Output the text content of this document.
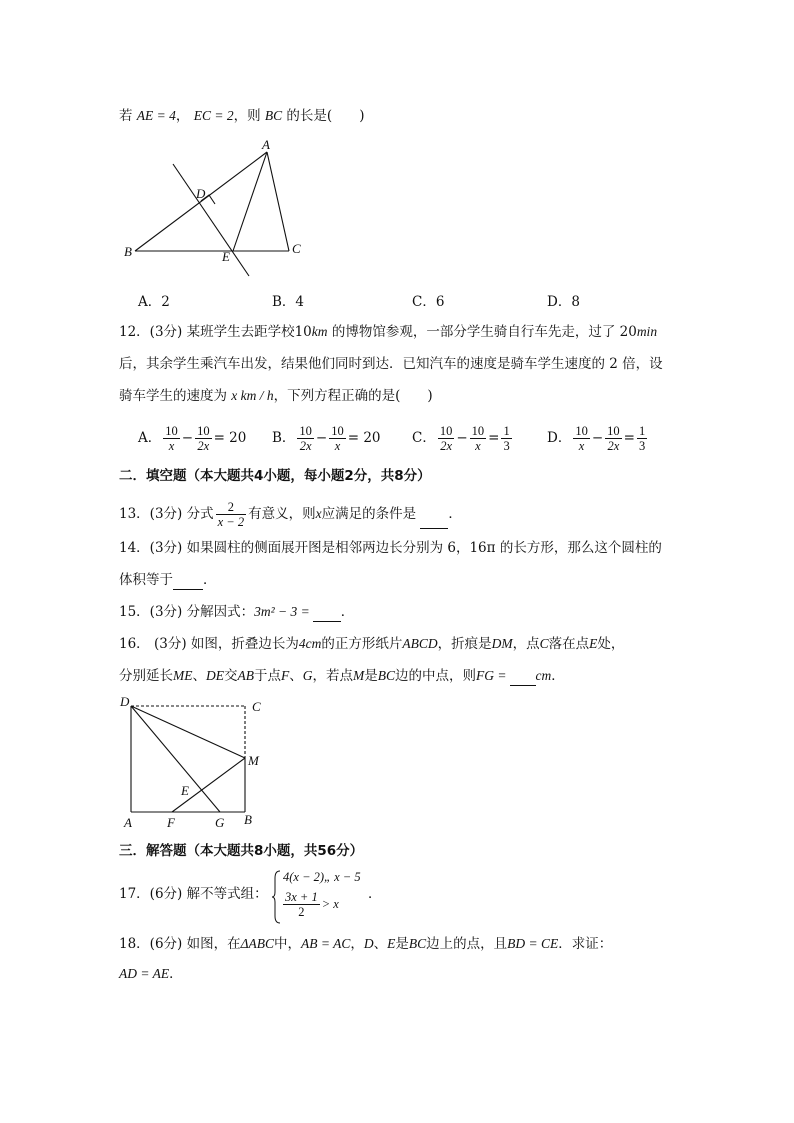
若 AE = 4， EC = 2，则 BC 的长是(　　)
A
D
B	E
C
A．2	B．4	C．6	D．8
12．(3分) 某班学生去距学校10km 的博物馆参观，一部分学生骑自行车先走，过了 20min
后，其余学生乘汽车出发，结果他们同时到达．已知汽车的速度是骑车学生速度的 2 倍，设
骑车学生的速度为 x km / h，下列方程正确的是(　　)
A． $\frac{10}{x} - \frac{10}{2x} = 20$ B． $\frac{10}{2x} - \frac{10}{x} = 20$ C． $\frac{10}{2x} - \frac{10}{x} = \frac{1}{3}$	D． $\frac{10}{x} - \frac{10}{2x} = \frac{1}{3}$
二．填空题（本大题共4小题，每小题2分，共8分）
13．(3分) 分式 $\frac{2}{x - 2}$ 有意义，则x应满足的条件是 ．
14．(3分) 如果圆柱的侧面展开图是相邻两边长分别为 6，16π 的长方形，那么这个圆柱的
体积等于 ．
15．(3分) 分解因式：3m² − 3 = ．
16． (3分) 如图，折叠边长为4cm的正方形纸片ABCD，折痕是DM，点C落在点E处，
分别延长ME、DE交AB于点F、G，若点M是BC边的中点，则FG = cm．
D	C
M
E
A	F	G B
三．解答题（本大题共8小题，共56分）
17．(6分) 解不等式组：
4(x − 2)„ x − 5
$\frac{3x + 1}{2} > x$
．
18．(6分) 如图，在ΔABC中，AB = AC，D、E是BC边上的点，且BD = CE．求证：
AD = AE．
